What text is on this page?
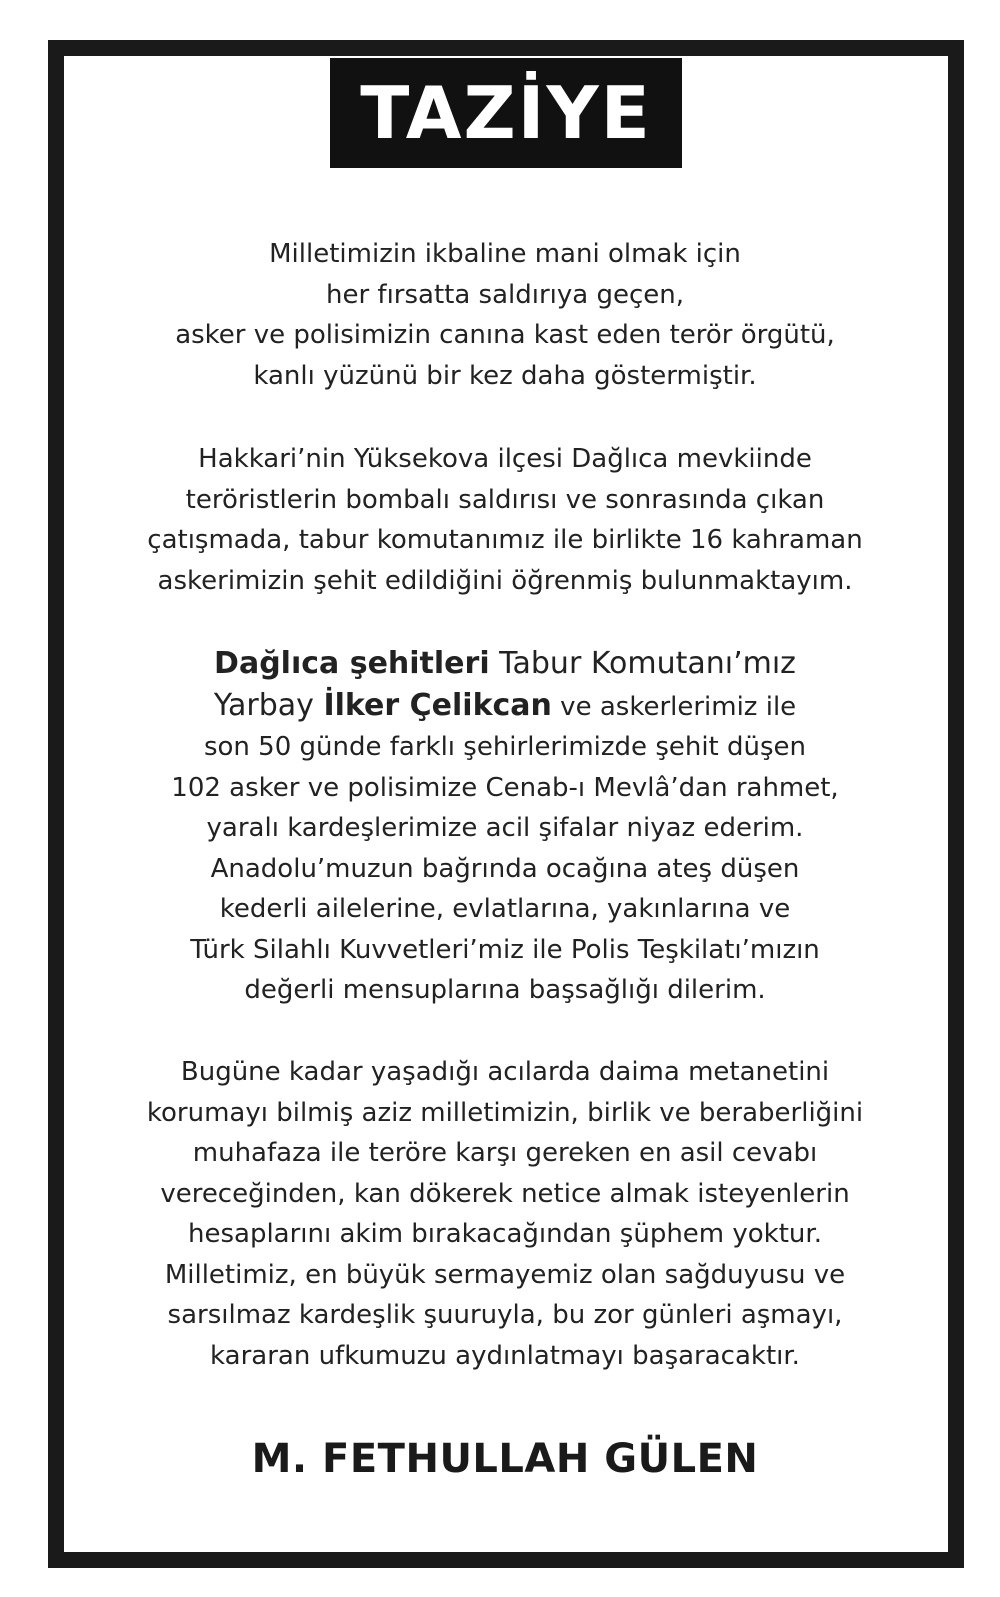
TAZİYE

Milletimizin ikbaline mani olmak için
her fırsatta saldırıya geçen,
asker ve polisimizin canına kast eden terör örgütü,
kanlı yüzünü bir kez daha göstermiştir.

Hakkari’nin Yüksekova ilçesi Dağlıca mevkiinde
teröristlerin bombalı saldırısı ve sonrasında çıkan
çatışmada, tabur komutanımız ile birlikte 16 kahraman
askerimizin şehit edildiğini öğrenmiş bulunmaktayım.

Dağlıca şehitleri Tabur Komutanı’mız
Yarbay İlker Çelikcan ve askerlerimiz ile
son 50 günde farklı şehirlerimizde şehit düşen
102 asker ve polisimize Cenab-ı Mevlâ’dan rahmet,
yaralı kardeşlerimize acil şifalar niyaz ederim.
Anadolu’muzun bağrında ocağına ateş düşen
kederli ailelerine, evlatlarına, yakınlarına ve
Türk Silahlı Kuvvetleri’miz ile Polis Teşkilatı’mızın
değerli mensuplarına başsağlığı dilerim.

Bugüne kadar yaşadığı acılarda daima metanetini
korumayı bilmiş aziz milletimizin, birlik ve beraberliğini
muhafaza ile teröre karşı gereken en asil cevabı
vereceğinden, kan dökerek netice almak isteyenlerin
hesaplarını akim bırakacağından şüphem yoktur.
Milletimiz, en büyük sermayemiz olan sağduyusu ve
sarsılmaz kardeşlik şuuruyla, bu zor günleri aşmayı,
kararan ufkumuzu aydınlatmayı başaracaktır.

M. FETHULLAH GÜLEN
